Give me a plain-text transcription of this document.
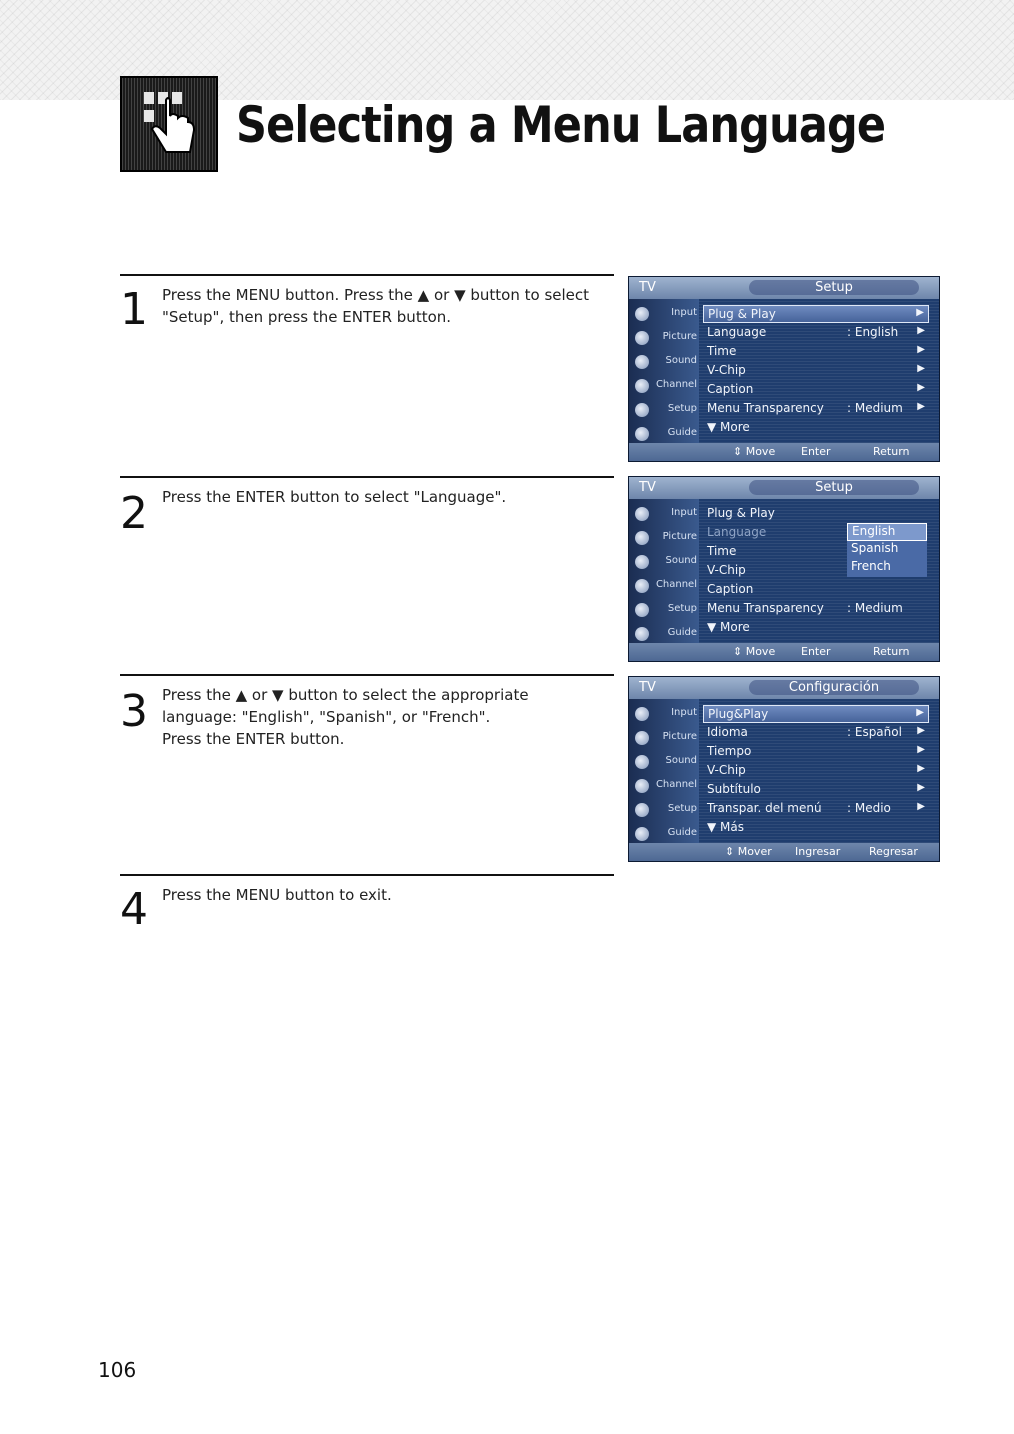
Selecting a Menu Language
1 Press the MENU button. Press the ▲ or ▼ button to select
"Setup", then press the ENTER button.
2 Press the ENTER button to select "Language".
3 Press the ▲ or ▼ button to select the appropriate
language: "English", "Spanish", or "French".
Press the ENTER button.
4 Press the MENU button to exit.
TV	Setup
Input
Picture
Sound
Channel
Setup
Guide
Plug & Play	▶
Language	: English ▶
Time	▶
V-Chip	▶
Caption	▶
Menu Transparency : Medium ▶
▼ More
⇕ Move Enter	Return
TV	Setup
Input
Picture
Sound
Channel
Setup
Guide
Plug & Play
Language
Time
V-Chip
Caption
Menu Transparency : Medium
▼ More
English
Spanish
French
⇕ Move Enter	Return
TV	Configuración
Input
Picture
Sound
Channel
Setup
Guide
Plug&Play	▶
Idioma	: Español ▶
Tiempo	▶
V-Chip	▶
Subtítulo	▶
Transpar. del menú : Medio	▶
▼ Más
⇕ Mover Ingresar	Regresar
106
